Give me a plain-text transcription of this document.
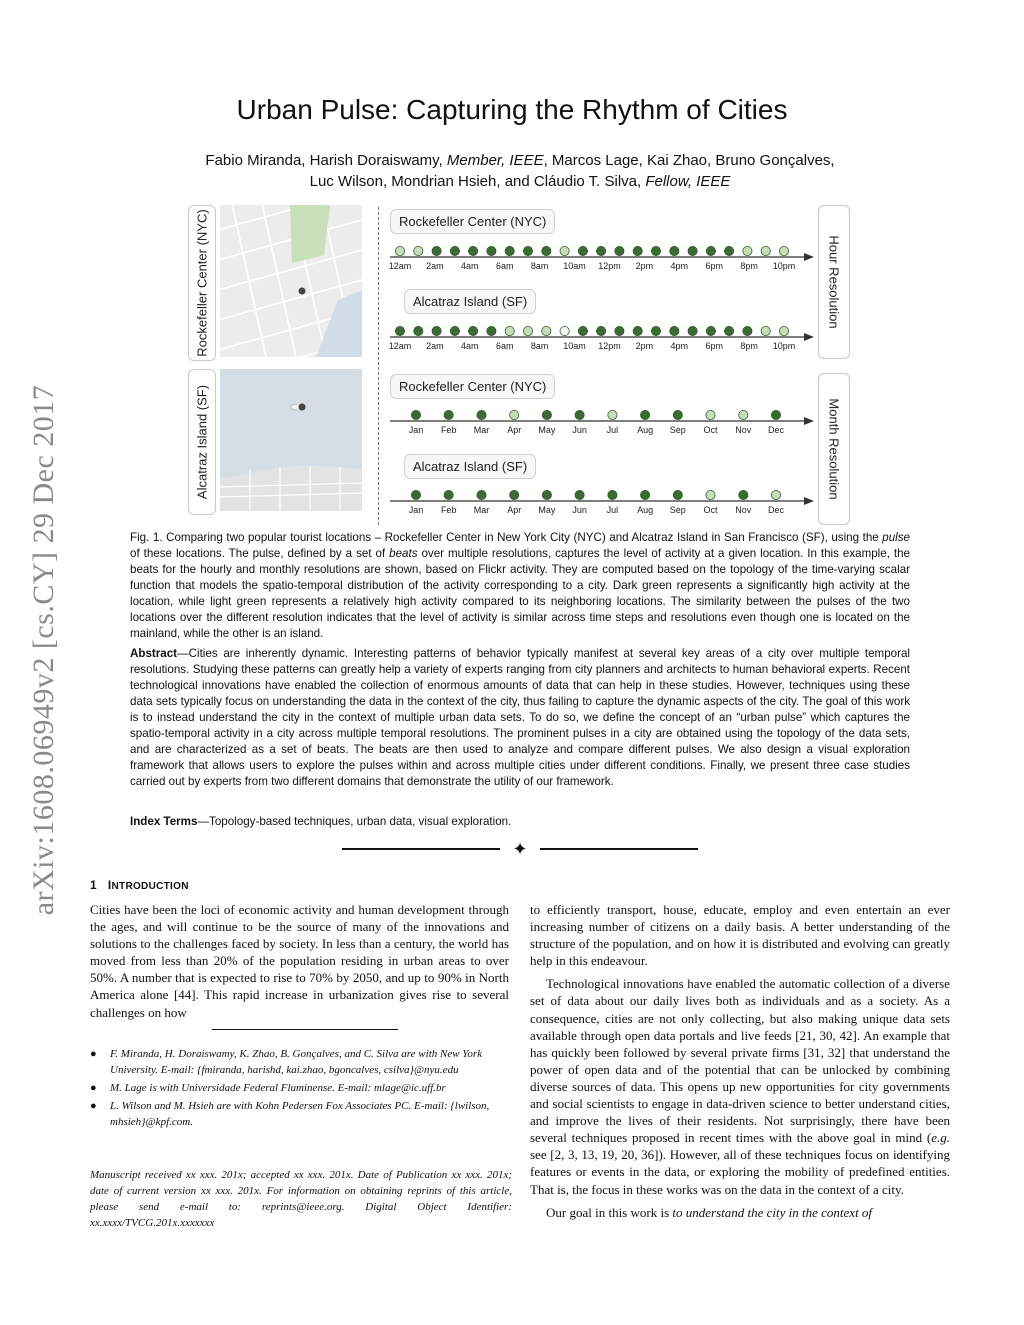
arXiv:1608.06949v2 [cs.CY] 29 Dec 2017
Urban Pulse: Capturing the Rhythm of Cities
Fabio Miranda, Harish Doraiswamy, Member, IEEE, Marcos Lage, Kai Zhao, Bruno Gonçalves,
Luc Wilson, Mondrian Hsieh, and Cláudio T. Silva, Fellow, IEEE
Rockefeller Center (NYC)
Alcatraz Island (SF)
Rockefeller Center (NYC)
Alcatraz Island (SF)
Rockefeller Center (NYC)
Alcatraz Island (SF)
Hour Resolution
Month Resolution
12am 2am 4am 6am 8am 10am 12pm 2pm 4pm 6pm 8pm 10pm
12am 2am 4am 6am 8am 10am 12pm 2pm 4pm 6pm 8pm 10pm
Jan Feb Mar Apr May Jun Jul Aug Sep Oct Nov Dec
Jan Feb Mar Apr May Jun Jul Aug Sep Oct Nov Dec
Fig. 1. Comparing two popular tourist locations – Rockefeller Center in New York City (NYC) and Alcatraz Island in San Francisco (SF), using the pulse of these locations. The pulse, defined by a set of beats over multiple resolutions, captures the level of activity at a given location. In this example, the beats for the hourly and monthly resolutions are shown, based on Flickr activity. They are computed based on the topology of the time-varying scalar function that models the spatio-temporal distribution of the activity corresponding to a city. Dark green represents a significantly high activity at the location, while light green represents a relatively high activity compared to its neighboring locations. The similarity between the pulses of the two locations over the different resolution indicates that the level of activity is similar across time steps and resolutions even though one is located on the mainland, while the other is an island.
Abstract—Cities are inherently dynamic. Interesting patterns of behavior typically manifest at several key areas of a city over multiple temporal resolutions. Studying these patterns can greatly help a variety of experts ranging from city planners and architects to human behavioral experts. Recent technological innovations have enabled the collection of enormous amounts of data that can help in these studies. However, techniques using these data sets typically focus on understanding the data in the context of the city, thus failing to capture the dynamic aspects of the city. The goal of this work is to instead understand the city in the context of multiple urban data sets. To do so, we define the concept of an “urban pulse” which captures the spatio-temporal activity in a city across multiple temporal resolutions. The prominent pulses in a city are obtained using the topology of the data sets, and are characterized as a set of beats. The beats are then used to analyze and compare different pulses. We also design a visual exploration framework that allows users to explore the pulses within and across multiple cities under different conditions. Finally, we present three case studies carried out by experts from two different domains that demonstrate the utility of our framework.
Index Terms—Topology-based techniques, urban data, visual exploration.
✦
1 INTRODUCTION
Cities have been the loci of economic activity and human development through the ages, and will continue to be the source of many of the innovations and solutions to the challenges faced by society. In less than a century, the world has moved from less than 20% of the population residing in urban areas to over 50%. A number that is expected to rise to 70% by 2050, and up to 90% in North America alone [44]. This rapid increase in urbanization gives rise to several challenges on how
● F. Miranda, H. Doraiswamy, K. Zhao, B. Gonçalves, and C. Silva are with New York University. E-mail: {fmiranda, harishd, kai.zhao, bgoncalves, csilva}@nyu.edu
● M. Lage is with Universidade Federal Fluminense. E-mail: mlage@ic.uff.br
● L. Wilson and M. Hsieh are with Kohn Pedersen Fox Associates PC. E-mail: {lwilson, mhsieh}@kpf.com.
Manuscript received xx xxx. 201x; accepted xx xxx. 201x. Date of Publication xx xxx. 201x; date of current version xx xxx. 201x. For information on obtaining reprints of this article, please send e-mail to: reprints@ieee.org. Digital Object Identifier: xx.xxxx/TVCG.201x.xxxxxxx

to efficiently transport, house, educate, employ and even entertain an ever increasing number of citizens on a daily basis. A better understanding of the structure of the population, and on how it is distributed and evolving can greatly help in this endeavour.

Technological innovations have enabled the automatic collection of a diverse set of data about our daily lives both as individuals and as a society. As a consequence, cities are not only collecting, but also making unique data sets available through open data portals and live feeds [21, 30, 42]. An example that has quickly been followed by several private firms [31, 32] that understand the power of open data and of the potential that can be unlocked by combining diverse sources of data. This opens up new opportunities for city governments and social scientists to engage in data-driven science to better understand cities, and improve the lives of their residents. Not surprisingly, there have been several techniques proposed in recent times with the above goal in mind (e.g. see [2, 3, 13, 19, 20, 36]). However, all of these techniques focus on identifying features or events in the data, or exploring the mobility of predefined entities. That is, the focus in these works was on the data in the context of a city.

Our goal in this work is to understand the city in the context of
